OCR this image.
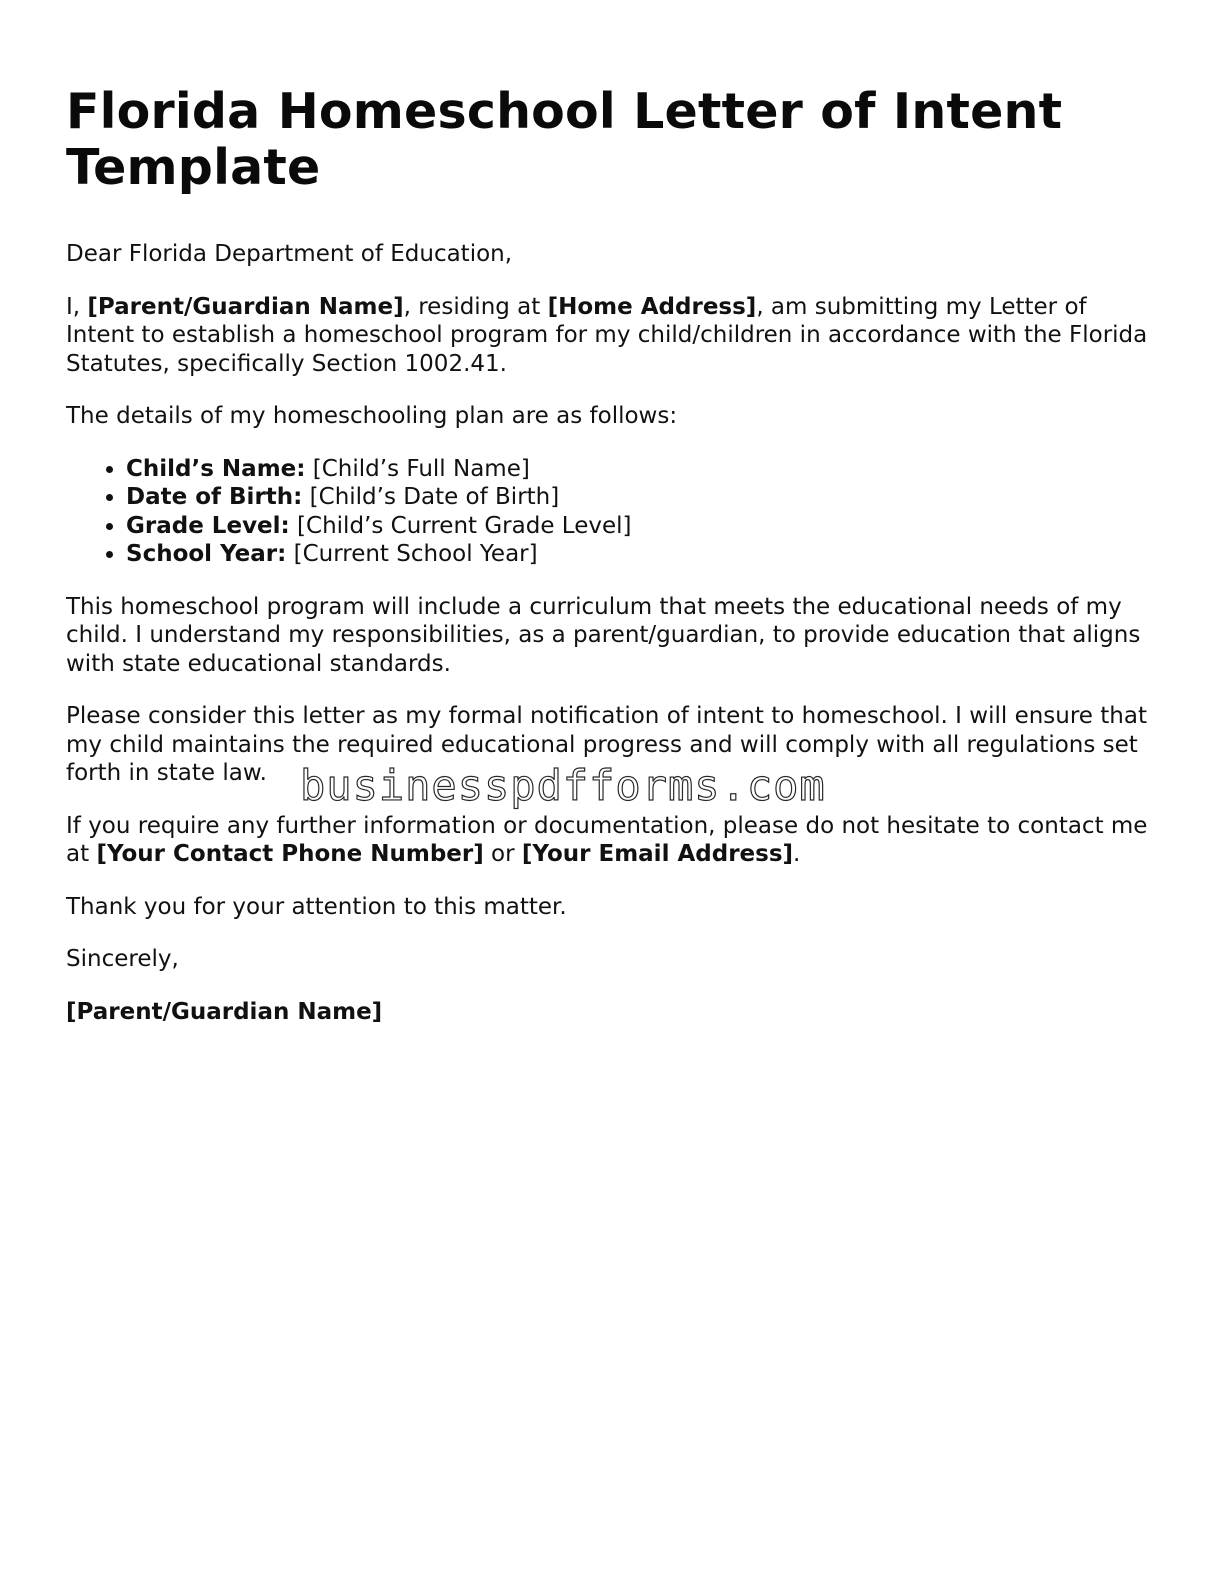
Florida Homeschool Letter of Intent Template

Dear Florida Department of Education,

I, [Parent/Guardian Name], residing at [Home Address], am submitting my Letter of Intent to establish a homeschool program for my child/children in accordance with the Florida Statutes, specifically Section 1002.41.

The details of my homeschooling plan are as follows:

• Child’s Name: [Child’s Full Name]
• Date of Birth: [Child’s Date of Birth]
• Grade Level: [Child’s Current Grade Level]
• School Year: [Current School Year]

This homeschool program will include a curriculum that meets the educational needs of my child. I understand my responsibilities, as a parent/guardian, to provide education that aligns with state educational standards.

Please consider this letter as my formal notification of intent to homeschool. I will ensure that my child maintains the required educational progress and will comply with all regulations set forth in state law.

If you require any further information or documentation, please do not hesitate to contact me at [Your Contact Phone Number] or [Your Email Address].

Thank you for your attention to this matter.

Sincerely,

[Parent/Guardian Name]

businesspdfforms.com
